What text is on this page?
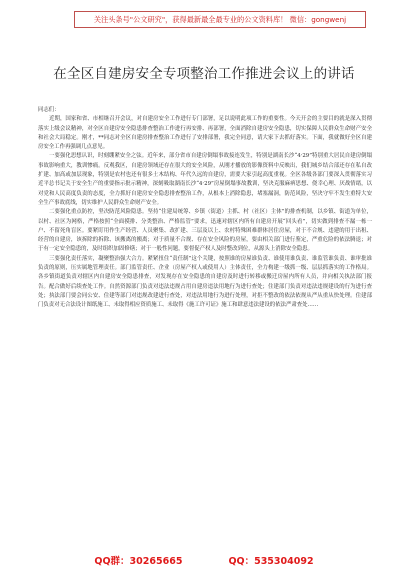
关注头条号"公文研究"，获得最新最全最专业的公文资料库！ 微信：gongwenj
在全区自建房安全专项整治工作推进会议上的讲话

同志们：

近期，国家和省、市相继召开会议，对自建房安全工作进行专门部署，足以说明此项工作的重要性。今天开会的主要目的就是深入贯彻落实上级会议精神，对全区自建房安全隐患排查整治工作进行再安排、再部署，全面消除自建房安全隐患，切实保障人民群众生命财产安全和社会大局稳定。刚才，**同志对全区自建房排查整治工作进行了安排部署，我完全同意，请大家下去抓好落实。下面，我就做好全区自建房安全工作再强调几点意见。

一要强化思想认识，时刻绷紧安全之弦。近年来，部分省市自建房倒塌事故接连发生，特别是湖南长沙“4·29”特别重大居民自建房倒塌事故影响重大，教训惨痛。反观我区，自建房领域还存在很大的安全风险，从刚才播放的影像资料中反映出，我们城乡结合部还存在私自改扩建、加高或加层现象，特别是农村也还有很多土木结构、年代久远的自建房，需要大家引起高度重视。全区各级各部门要深入贯彻落实习近平总书记关于安全生产的重要指示批示精神，深刻吸取湖南长沙“4·29”房屋倒塌事故教训，坚决克服麻痹思想、侥幸心理、厌战情绪，以对党和人民高度负责的态度，全力抓好自建房安全隐患排查整治工作，从根本上消除隐患，堵塞漏洞，防范风险，坚决守牢不发生重特大安全生产事故底线，切实维护人民群众生命财产安全。

二要强化重点防控，坚决防范风险隐患。坚持“住建局统筹、乡镇（街道）主抓、村（社区）主体”的排查机制，以乡镇、街道为单位，以村、社区为网格，严格按照“全面摸排、分类整治、严格监管”要求，迅速对辖区内所有自建房开展“回头看”，切实做到排查不漏一栋一户、不留死角盲区。要紧盯用作生产经营、人员聚集、改扩建、三层及以上、农村特殊困难群体居住房屋，对于不合规、违建的用于出租、经营的自建房，该拆除的拆除、该搬离的搬离；对于质量不合规、存在安全风险的房屋，要由相关部门进行鉴定，严重危险的依法腾退；对于有一定安全隐患的，及时组织加固修缮；对于一般性问题，要督促产权人及时整改到位，从源头上消除安全隐患。

三要强化责任落实，凝聚整治强大合力。紧紧扭住“责任制”这个关键，按照谁的房屋谁负责、谁使用谁负责、谁监管谁负责、谁审批谁负责的原则，压实属地管理责任。部门监管责任、企业（房屋产权人或使用人）主体责任，全力构建一级抓一级、层层抓落实的工作格局。各乡镇街道负责对辖区内自建房安全隐患排查，对发现存在安全隐患的自建房及时进行转移或搬迁房屋内所有人员，并向相关执法部门报告。配合做好后续查处工作。自然资源部门负责对违法违规占用自建房违法用地行为进行查处；住建部门负责对违法违规建设的行为进行查处；执法部门要会同公安、住建等部门对违规改建进行查处，对违法用地行为进行处理，对拒不整改的依法依规从严从重从快处理。住建部门负责对无合法设计图纸施工、未取得相应资质施工、未取得《施工许可证》施工和肆意违法建设的依法严肃查处……

QQ群：30265665	QQ：535304092
